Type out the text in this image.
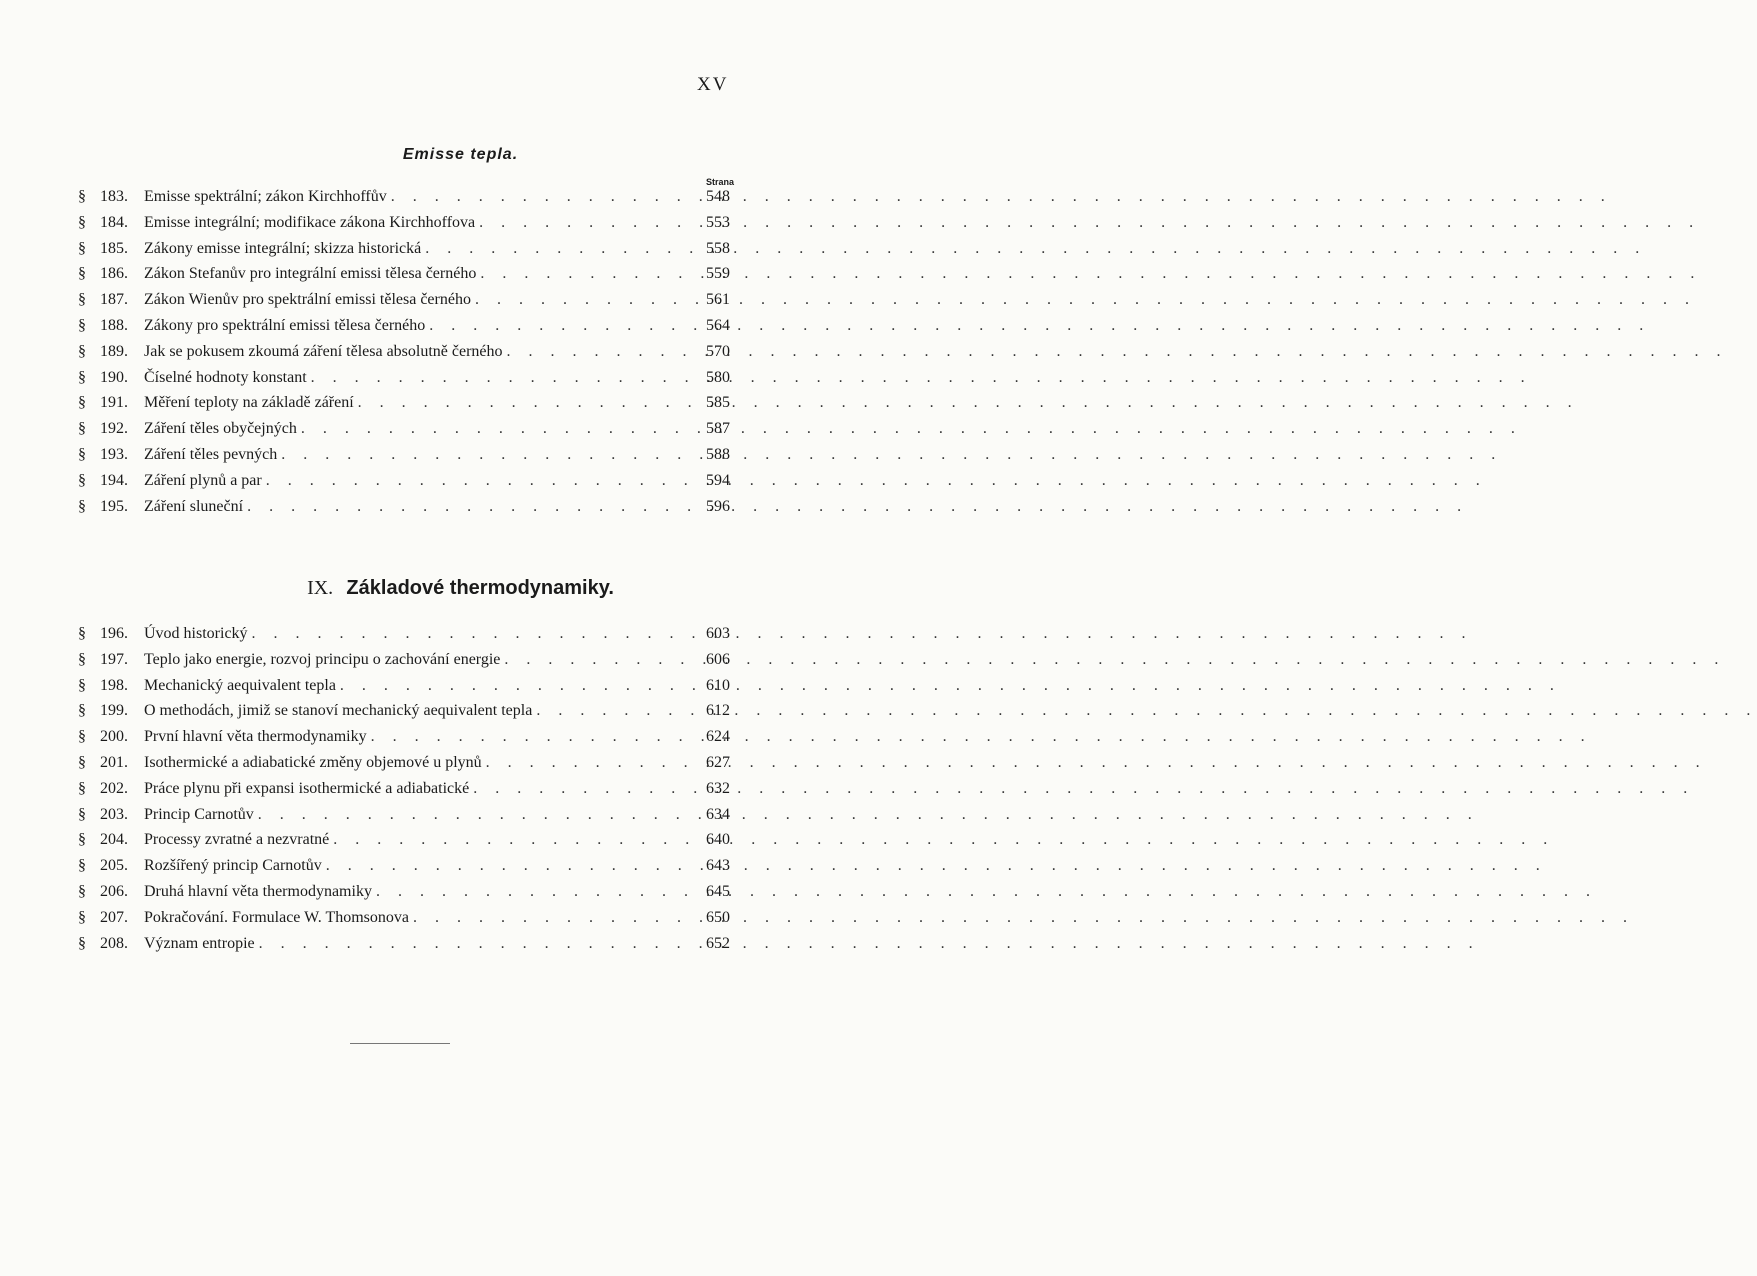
XV
Emisse tepla.
Strana
§ 183.	Emisse spektrální; zákon Kirchhoffův . . .	548
§ 184.	Emisse integrální; modifikace zákona Kirchhoffova . . .	553
§ 185.	Zákony emisse integrální; skizza historická . . .	558
§ 186.	Zákon Stefanův pro integrální emissi tělesa černého . . .	559
§ 187.	Zákon Wienův pro spektrální emissi tělesa černého . . .	561
§ 188.	Zákony pro spektrální emissi tělesa černého . . .	564
§ 189.	Jak se pokusem zkoumá záření tělesa absolutně černého . . .	570
§ 190.	Číselné hodnoty konstant . . .	580
§ 191.	Měření teploty na základě záření . . .	585
§ 192.	Záření těles obyčejných . . .	587
§ 193.	Záření těles pevných . . .	588
§ 194.	Záření plynů a par . . .	594
§ 195.	Záření sluneční . . .	596
IX. Základové thermodynamiky.
§ 196.	Úvod historický . . .	603
§ 197.	Teplo jako energie, rozvoj principu o zachování energie . . .	606
§ 198.	Mechanický aequivalent tepla . . .	610
§ 199.	O methodách, jimiž se stanoví mechanický aequivalent tepla . . .	612
§ 200.	První hlavní věta thermodynamiky . . .	624
§ 201.	Isothermické a adiabatické změny objemové u plynů . . .	627
§ 202.	Práce plynu při expansi isothermické a adiabatické . . .	632
§ 203.	Princip Carnotův . . .	634
§ 204.	Processy zvratné a nezvratné . . .	640
§ 205.	Rozšířený princip Carnotův . . .	643
§ 206.	Druhá hlavní věta thermodynamiky . . .	645
§ 207.	Pokračování. Formulace W. Thomsonova . . .	650
§ 208.	Význam entropie . . .	652
